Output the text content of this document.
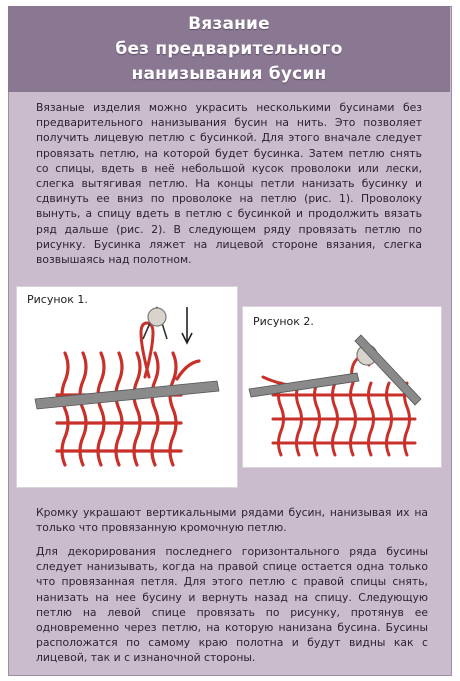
Вязание
без предварительного
нанизывания бусин
Вязаные изделия можно украсить несколькими бусинами без предварительного нанизывания бусин на нить. Это позволяет получить лицевую петлю с бусинкой. Для этого вначале следует провязать петлю, на которой будет бусинка. Затем петлю снять со спицы, вдеть в неё небольшой кусок проволоки или лески, слегка вытягивая петлю. На концы петли нанизать бусинку и сдвинуть ее вниз по проволоке на петлю (рис. 1). Проволоку вынуть, а спицу вдеть в петлю с бусинкой и продолжить вязать ряд дальше (рис. 2). В следующем ряду провязать петлю по рисунку. Бусинка ляжет на лицевой стороне вязания, слегка возвышаясь над полотном.
Рисунок 1.
Рисунок 2.
Кромку украшают вертикальными рядами бусин, нанизывая их на только что провязанную кромочную петлю.
Для декорирования последнего горизонтального ряда бусины следует нанизывать, когда на правой спице остается одна только что провязанная петля. Для этого петлю с правой спицы снять, нанизать на нее бусину и вернуть назад на спицу. Следующую петлю на левой спице провязать по рисунку, протянув ее одновременно через петлю, на которую нанизана бусина. Бусины расположатся по самому краю полотна и будут видны как с лицевой, так и с изнаночной стороны.
